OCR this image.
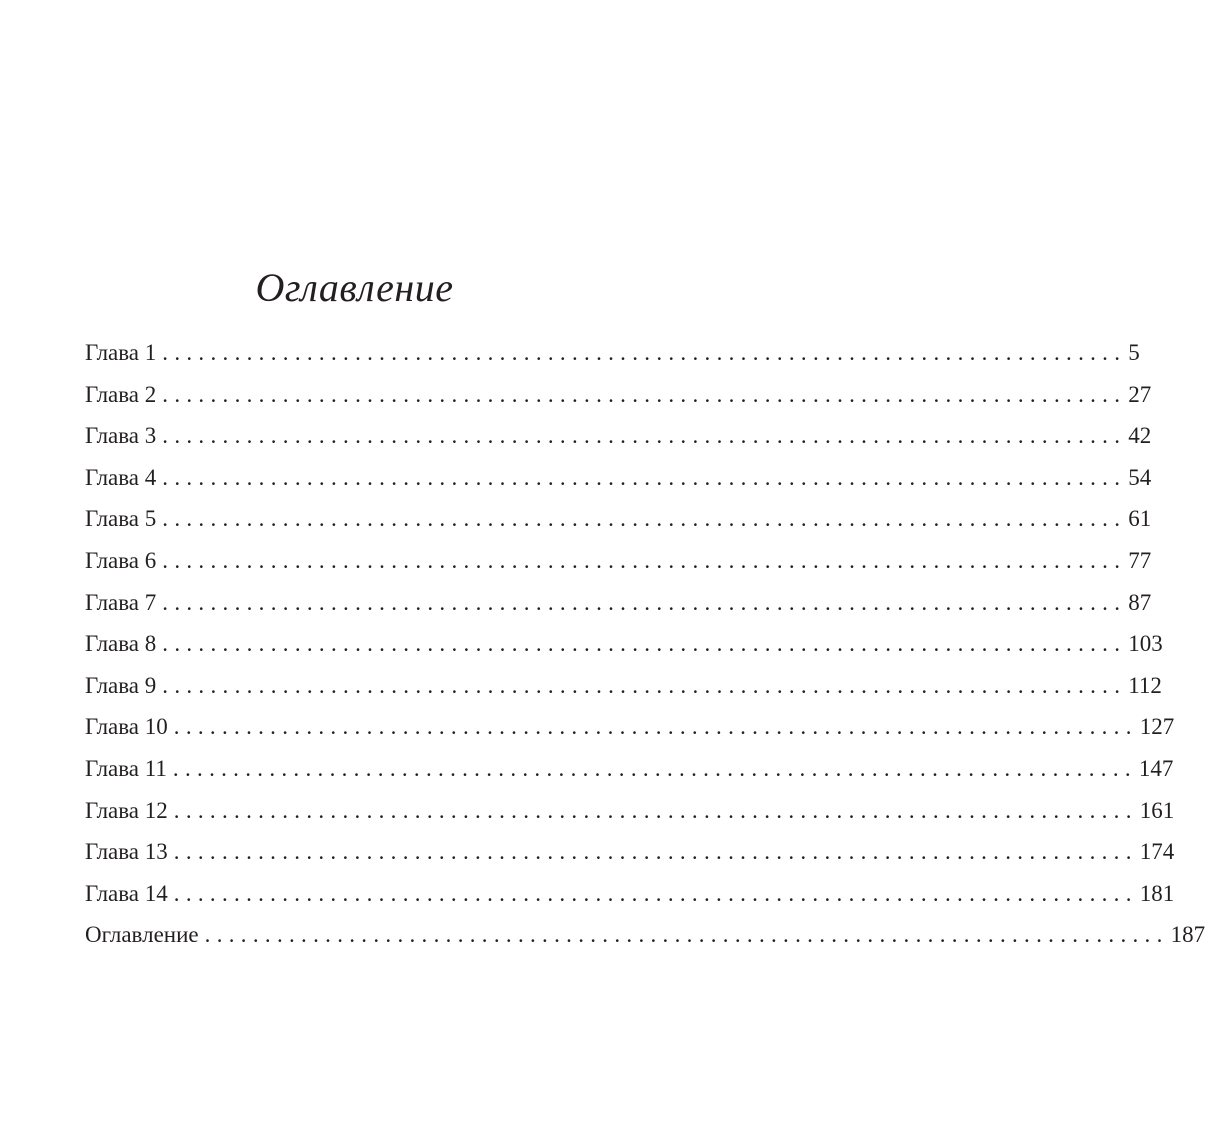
Оглавление
Глава 1 ................................................................................ 5
Глава 2 ................................................................................ 27
Глава 3 ................................................................................ 42
Глава 4 ................................................................................ 54
Глава 5 ................................................................................ 61
Глава 6 ................................................................................ 77
Глава 7 ................................................................................ 87
Глава 8 ................................................................................ 103
Глава 9 ................................................................................ 112
Глава 10 ................................................................................ 127
Глава 11 ................................................................................ 147
Глава 12 ................................................................................ 161
Глава 13 ................................................................................ 174
Глава 14 ................................................................................ 181
Оглавление ................................................................................ 187
